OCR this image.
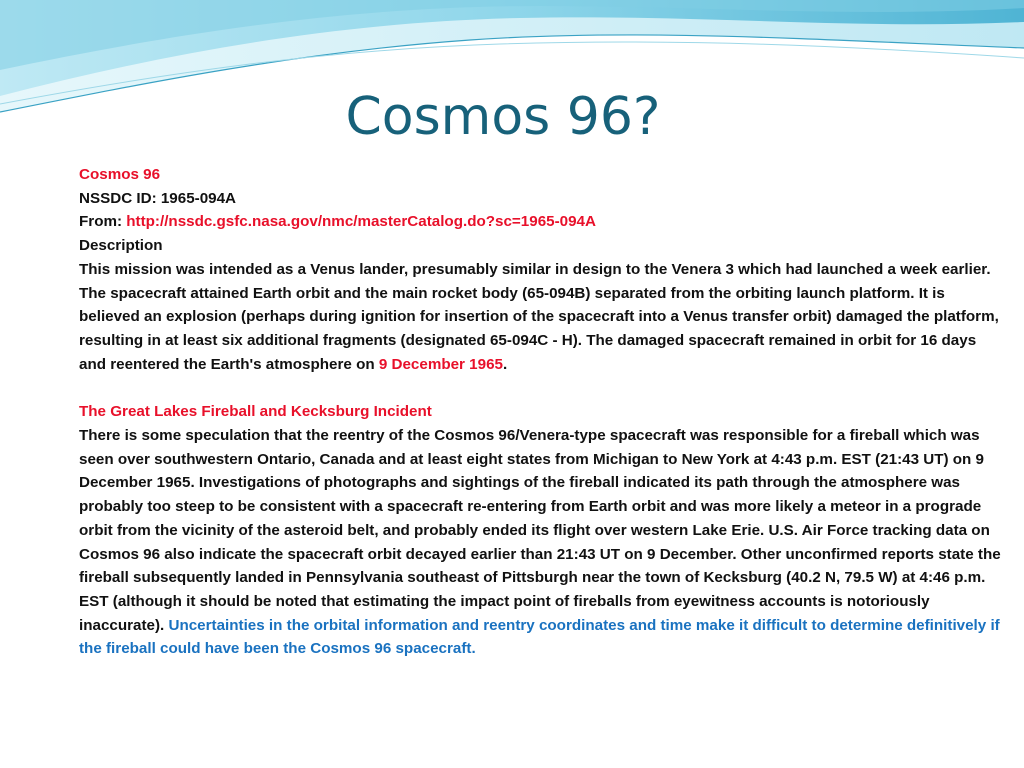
Cosmos 96?

Cosmos 96

NSSDC ID: 1965-094A

From: http://nssdc.gsfc.nasa.gov/nmc/masterCatalog.do?sc=1965-094A

Description

This mission was intended as a Venus lander, presumably similar in design to the Venera 3 which had launched a week earlier. The spacecraft attained Earth orbit and the main rocket body (65-094B) separated from the orbiting launch platform. It is believed an explosion (perhaps during ignition for insertion of the spacecraft into a Venus transfer orbit) damaged the platform, resulting in at least six additional fragments (designated 65-094C - H). The damaged spacecraft remained in orbit for 16 days and reentered the Earth's atmosphere on 9 December 1965.

The Great Lakes Fireball and Kecksburg Incident

There is some speculation that the reentry of the Cosmos 96/Venera-type spacecraft was responsible for a fireball which was seen over southwestern Ontario, Canada and at least eight states from Michigan to New York at 4:43 p.m. EST (21:43 UT) on 9 December 1965. Investigations of photographs and sightings of the fireball indicated its path through the atmosphere was probably too steep to be consistent with a spacecraft re-entering from Earth orbit and was more likely a meteor in a prograde orbit from the vicinity of the asteroid belt, and probably ended its flight over western Lake Erie. U.S. Air Force tracking data on Cosmos 96 also indicate the spacecraft orbit decayed earlier than 21:43 UT on 9 December. Other unconfirmed reports state the fireball subsequently landed in Pennsylvania southeast of Pittsburgh near the town of Kecksburg (40.2 N, 79.5 W) at 4:46 p.m. EST (although it should be noted that estimating the impact point of fireballs from eyewitness accounts is notoriously inaccurate). Uncertainties in the orbital information and reentry coordinates and time make it difficult to determine definitively if the fireball could have been the Cosmos 96 spacecraft.
